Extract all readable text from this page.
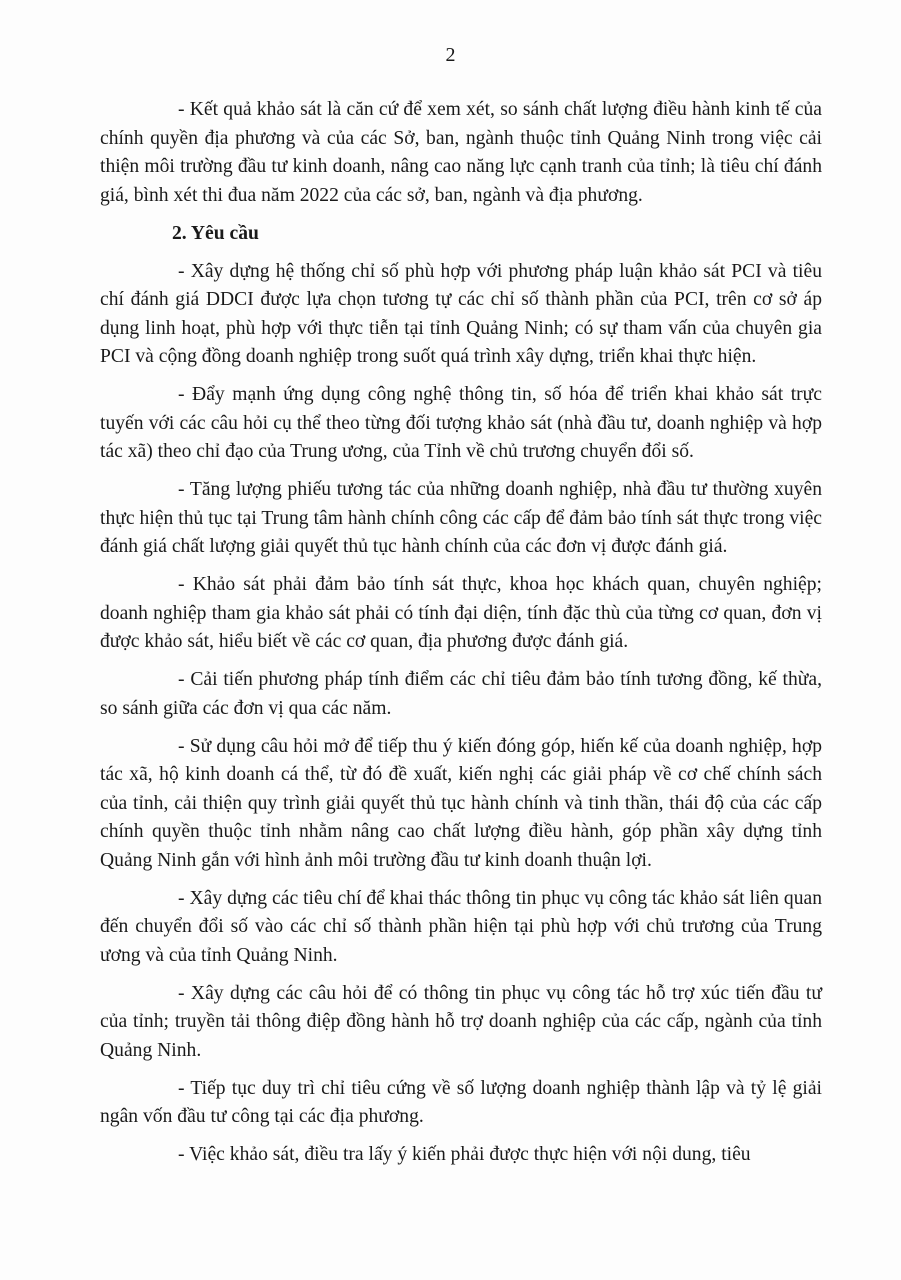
2

- Kết quả khảo sát là căn cứ để xem xét, so sánh chất lượng điều hành kinh tế của chính quyền địa phương và của các Sở, ban, ngành thuộc tỉnh Quảng Ninh trong việc cải thiện môi trường đầu tư kinh doanh, nâng cao năng lực cạnh tranh của tỉnh; là tiêu chí đánh giá, bình xét thi đua năm 2022 của các sở, ban, ngành và địa phương.

2. Yêu cầu

- Xây dựng hệ thống chỉ số phù hợp với phương pháp luận khảo sát PCI và tiêu chí đánh giá DDCI được lựa chọn tương tự các chỉ số thành phần của PCI, trên cơ sở áp dụng linh hoạt, phù hợp với thực tiễn tại tỉnh Quảng Ninh; có sự tham vấn của chuyên gia PCI và cộng đồng doanh nghiệp trong suốt quá trình xây dựng, triển khai thực hiện.

- Đẩy mạnh ứng dụng công nghệ thông tin, số hóa để triển khai khảo sát trực tuyến với các câu hỏi cụ thể theo từng đối tượng khảo sát (nhà đầu tư, doanh nghiệp và hợp tác xã) theo chỉ đạo của Trung ương, của Tỉnh về chủ trương chuyển đổi số.

- Tăng lượng phiếu tương tác của những doanh nghiệp, nhà đầu tư thường xuyên thực hiện thủ tục tại Trung tâm hành chính công các cấp để đảm bảo tính sát thực trong việc đánh giá chất lượng giải quyết thủ tục hành chính của các đơn vị được đánh giá.

- Khảo sát phải đảm bảo tính sát thực, khoa học khách quan, chuyên nghiệp; doanh nghiệp tham gia khảo sát phải có tính đại diện, tính đặc thù của từng cơ quan, đơn vị được khảo sát, hiểu biết về các cơ quan, địa phương được đánh giá.

- Cải tiến phương pháp tính điểm các chỉ tiêu đảm bảo tính tương đồng, kế thừa, so sánh giữa các đơn vị qua các năm.

- Sử dụng câu hỏi mở để tiếp thu ý kiến đóng góp, hiến kế của doanh nghiệp, hợp tác xã, hộ kinh doanh cá thể, từ đó đề xuất, kiến nghị các giải pháp về cơ chế chính sách của tỉnh, cải thiện quy trình giải quyết thủ tục hành chính và tinh thần, thái độ của các cấp chính quyền thuộc tỉnh nhằm nâng cao chất lượng điều hành, góp phần xây dựng tỉnh Quảng Ninh gắn với hình ảnh môi trường đầu tư kinh doanh thuận lợi.

- Xây dựng các tiêu chí để khai thác thông tin phục vụ công tác khảo sát liên quan đến chuyển đổi số vào các chỉ số thành phần hiện tại phù hợp với chủ trương của Trung ương và của tỉnh Quảng Ninh.

- Xây dựng các câu hỏi để có thông tin phục vụ công tác hỗ trợ xúc tiến đầu tư của tỉnh; truyền tải thông điệp đồng hành hỗ trợ doanh nghiệp của các cấp, ngành của tỉnh Quảng Ninh.

- Tiếp tục duy trì chỉ tiêu cứng về số lượng doanh nghiệp thành lập và tỷ lệ giải ngân vốn đầu tư công tại các địa phương.

- Việc khảo sát, điều tra lấy ý kiến phải được thực hiện với nội dung, tiêu
